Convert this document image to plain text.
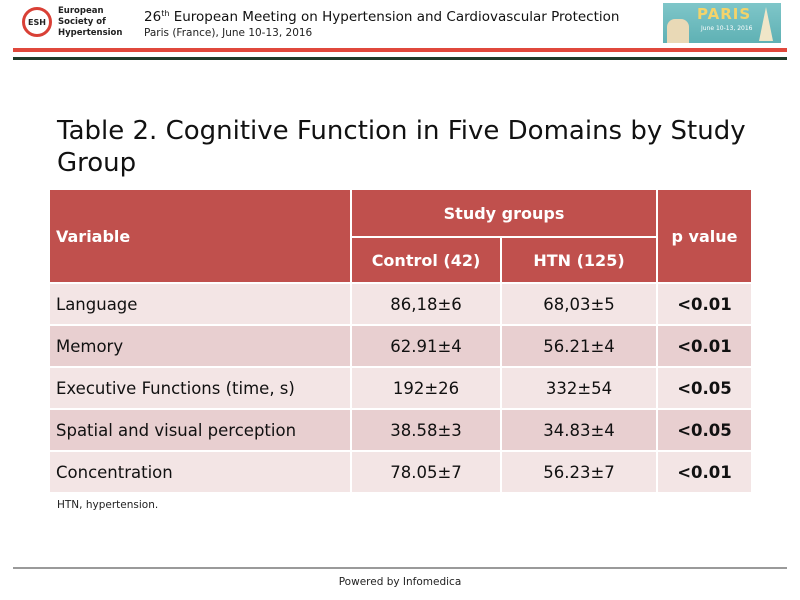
ESH
European
Society of
Hypertension
26th European Meeting on Hypertension and Cardiovascular Protection
Paris (France), June 10-13, 2016
PARIS
June 10-13, 2016
Table 2. Cognitive Function in Five Domains by Study Group
Variable	Study groups		p value
	Control (42)	HTN (125)	
Language	86,18±6	68,03±5	<0.01
Memory	62.91±4	56.21±4	<0.01
Executive Functions (time, s)	192±26	332±54	<0.05
Spatial and visual perception	38.58±3	34.83±4	<0.05
Concentration	78.05±7	56.23±7	<0.01
HTN, hypertension.
Powered by Infomedica
